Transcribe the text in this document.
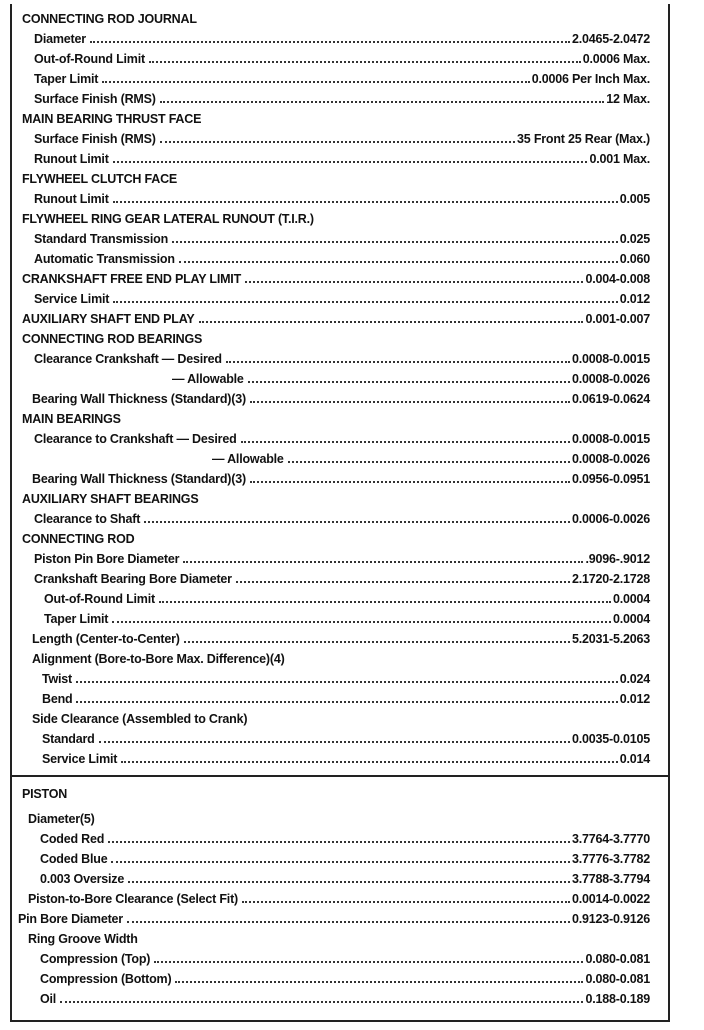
CONNECTING ROD JOURNAL
Diameter	2.0465-2.0472
Out-of-Round Limit	0.0006 Max.
Taper Limit	0.0006 Per Inch Max.
Surface Finish (RMS)	12 Max.
MAIN BEARING THRUST FACE
Surface Finish (RMS)	35 Front 25 Rear (Max.)
Runout Limit	0.001 Max.
FLYWHEEL CLUTCH FACE
Runout Limit	0.005
FLYWHEEL RING GEAR LATERAL RUNOUT (T.I.R.)
Standard Transmission	0.025
Automatic Transmission	0.060
CRANKSHAFT FREE END PLAY LIMIT	0.004-0.008
Service Limit	0.012
AUXILIARY SHAFT END PLAY	0.001-0.007
CONNECTING ROD BEARINGS
Clearance Crankshaft — Desired	0.0008-0.0015
— Allowable	0.0008-0.0026
Bearing Wall Thickness (Standard)(3)	0.0619-0.0624
MAIN BEARINGS
Clearance to Crankshaft — Desired	0.0008-0.0015
— Allowable	0.0008-0.0026
Bearing Wall Thickness (Standard)(3)	0.0956-0.0951
AUXILIARY SHAFT BEARINGS
Clearance to Shaft	0.0006-0.0026
CONNECTING ROD
Piston Pin Bore Diameter	.9096-.9012
Crankshaft Bearing Bore Diameter	2.1720-2.1728
Out-of-Round Limit	0.0004
Taper Limit	0.0004
Length (Center-to-Center)	5.2031-5.2063
Alignment (Bore-to-Bore Max. Difference)(4)
Twist	0.024
Bend	0.012
Side Clearance (Assembled to Crank)
Standard	0.0035-0.0105
Service Limit	0.014
PISTON
Diameter(5)
Coded Red	3.7764-3.7770
Coded Blue	3.7776-3.7782
0.003 Oversize	3.7788-3.7794
Piston-to-Bore Clearance (Select Fit)	0.0014-0.0022
Pin Bore Diameter	0.9123-0.9126
Ring Groove Width
Compression (Top)	0.080-0.081
Compression (Bottom)	0.080-0.081
Oil	0.188-0.189
